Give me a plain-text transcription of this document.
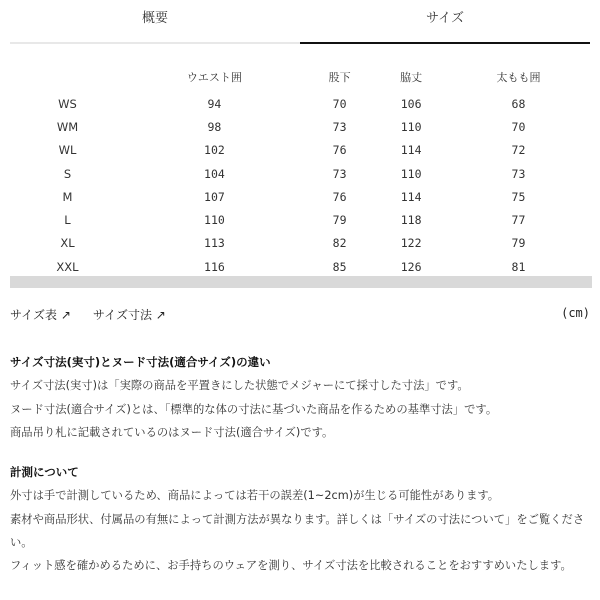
概要	サイズ
	ウエスト囲	股下	脇丈	太もも囲
WS	94	70	106	68
WM	98	73	110	70
WL	102	76	114	72
S	104	73	110	73
M	107	76	114	75
L	110	79	118	77
XL	113	82	122	79
XXL	116	85	126	81
サイズ表 ↗ サイズ寸法 ↗	(cm)
サイズ寸法(実寸)とヌード寸法(適合サイズ)の違い

サイズ寸法(実寸)は「実際の商品を平置きにした状態でメジャーにて採寸した寸法」です。

ヌード寸法(適合サイズ)とは、「標準的な体の寸法に基づいた商品を作るための基準寸法」です。

商品吊り札に記載されているのはヌード寸法(適合サイズ)です。

計測について

外寸は手で計測しているため、商品によっては若干の誤差(1~2cm)が生じる可能性があります。

素材や商品形状、付属品の有無によって計測方法が異なります。詳しくは「サイズの寸法について」をご覧ください。

フィット感を確かめるために、お手持ちのウェアを測り、サイズ寸法を比較されることをおすすめいたします。
